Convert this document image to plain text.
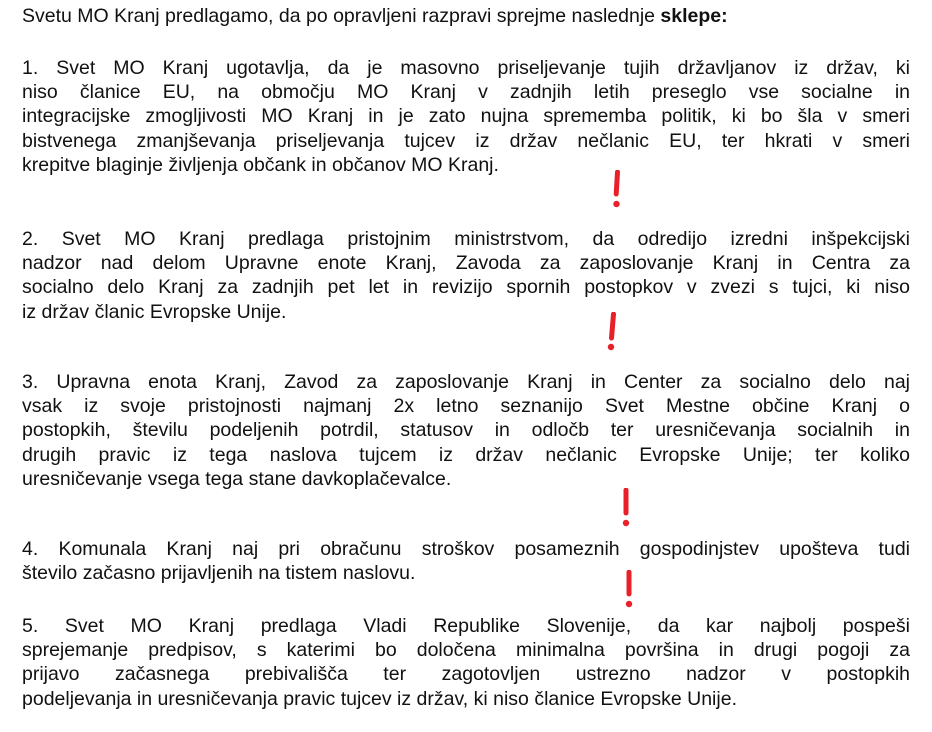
Svetu MO Kranj predlagamo, da po opravljeni razpravi sprejme naslednje sklepe:
1. Svet MO Kranj ugotavlja, da je masovno priseljevanje tujih državljanov iz držav, ki
niso članice EU, na območju MO Kranj v zadnjih letih preseglo vse socialne in
integracijske zmogljivosti MO Kranj in je zato nujna sprememba politik, ki bo šla v smeri
bistvenega zmanjševanja priseljevanja tujcev iz držav nečlanic EU, ter hkrati v smeri
krepitve blaginje življenja občank in občanov MO Kranj.
2. Svet MO Kranj predlaga pristojnim ministrstvom, da odredijo izredni inšpekcijski
nadzor nad delom Upravne enote Kranj, Zavoda za zaposlovanje Kranj in Centra za
socialno delo Kranj za zadnjih pet let in revizijo spornih postopkov v zvezi s tujci, ki niso
iz držav članic Evropske Unije.
3. Upravna enota Kranj, Zavod za zaposlovanje Kranj in Center za socialno delo naj
vsak iz svoje pristojnosti najmanj 2x letno seznanijo Svet Mestne občine Kranj o
postopkih, številu podeljenih potrdil, statusov in odločb ter uresničevanja socialnih in
drugih pravic iz tega naslova tujcem iz držav nečlanic Evropske Unije; ter koliko
uresničevanje vsega tega stane davkoplačevalce.
4. Komunala Kranj naj pri obračunu stroškov posameznih gospodinjstev upošteva tudi
število začasno prijavljenih na tistem naslovu.
5. Svet MO Kranj predlaga Vladi Republike Slovenije, da kar najbolj pospeši
sprejemanje predpisov, s katerimi bo določena minimalna površina in drugi pogoji za
prijavo začasnega prebivališča ter zagotovljen ustrezno nadzor v postopkih
podeljevanja in uresničevanja pravic tujcev iz držav, ki niso članice Evropske Unije.
